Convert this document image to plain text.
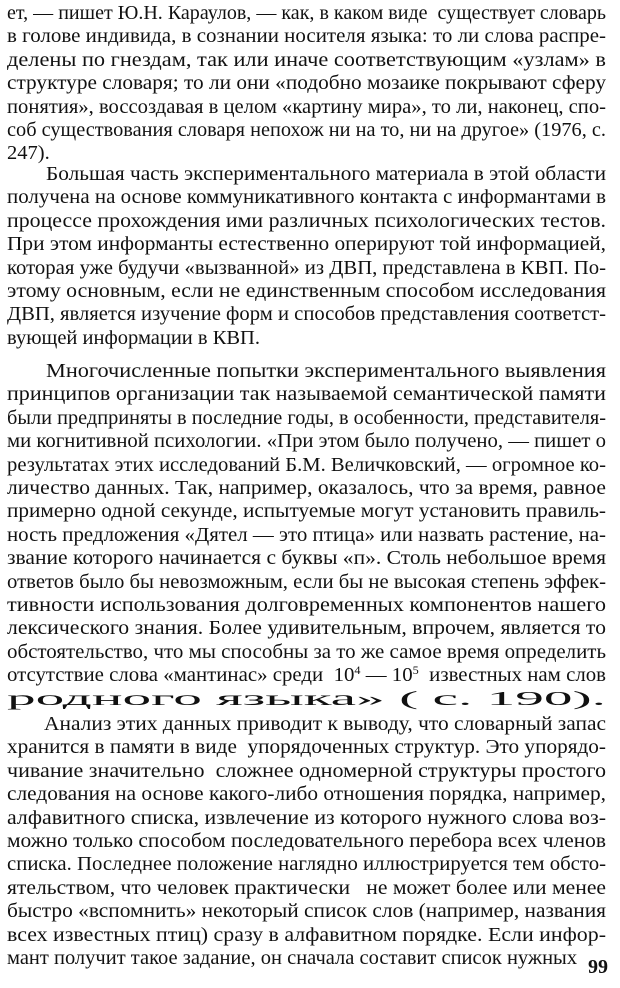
ет, — пишет Ю.Н. Караулов, — как, в каком виде  существует словарь
в голове индивида, в сознании носителя языка: то ли слова распре-
делены по гнездам, так или иначе соответствующим «узлам» в
структуре словаря; то ли они «подобно мозаике покрывают сферу
понятия», воссоздавая в целом «картину мира», то ли, наконец, спо-
соб существования словаря непохож ни на то, ни на другое» (1976, с.
247).
Большая часть экспериментального материала в этой области
получена на основе коммуникативного контакта с информантами в
процессе прохождения ими различных психологических тестов.
При этом информанты естественно оперируют той информацией,
которая уже будучи «вызванной» из ДВП, представлена в КВП. По-
этому основным, если не единственным способом исследования
ДВП, является изучение форм и способов представления соответст-
вующей информации в КВП.
Многочисленные попытки экспериментального выявления
принципов организации так называемой семантической памяти
были предприняты в последние годы, в особенности, представителя-
ми когнитивной психологии. «При этом было получено, — пишет о
результатах этих исследований Б.М. Величковский, — огромное ко-
личество данных. Так, например, оказалось, что за время, равное
примерно одной секунде, испытуемые могут установить правиль-
ность предложения «Дятел — это птица» или назвать растение, на-
звание которого начинается с буквы «п». Столь небольшое время
ответов было бы невозможным, если бы не высокая степень эффек-
тивности использования долговременных компонентов нашего
лексического знания. Более удивительным, впрочем, является то
обстоятельство, что мы способны за то же самое время определить
отсутствие слова «мантинас» среди  $10^4$ — $10^5$ известных нам слов
родного языка» ( с. 190).
Анализ этих данных приводит к выводу, что словарный запас
хранится в памяти в виде  упорядоченных структур. Это упорядо-
чивание значительно  сложнее одномерной структуры простого
следования на основе какого-либо отношения порядка, например,
алфавитного списка, извлечение из которого нужного слова воз-
можно только способом последовательного перебора всех членов
списка. Последнее положение наглядно иллюстрируется тем обсто-
ятельством, что человек практически   не может более или менее
быстро «вспомнить» некоторый список слов (например, названия
всех известных птиц) сразу в алфавитном порядке. Если инфор-
мант получит такое задание, он сначала составит список нужных 99
